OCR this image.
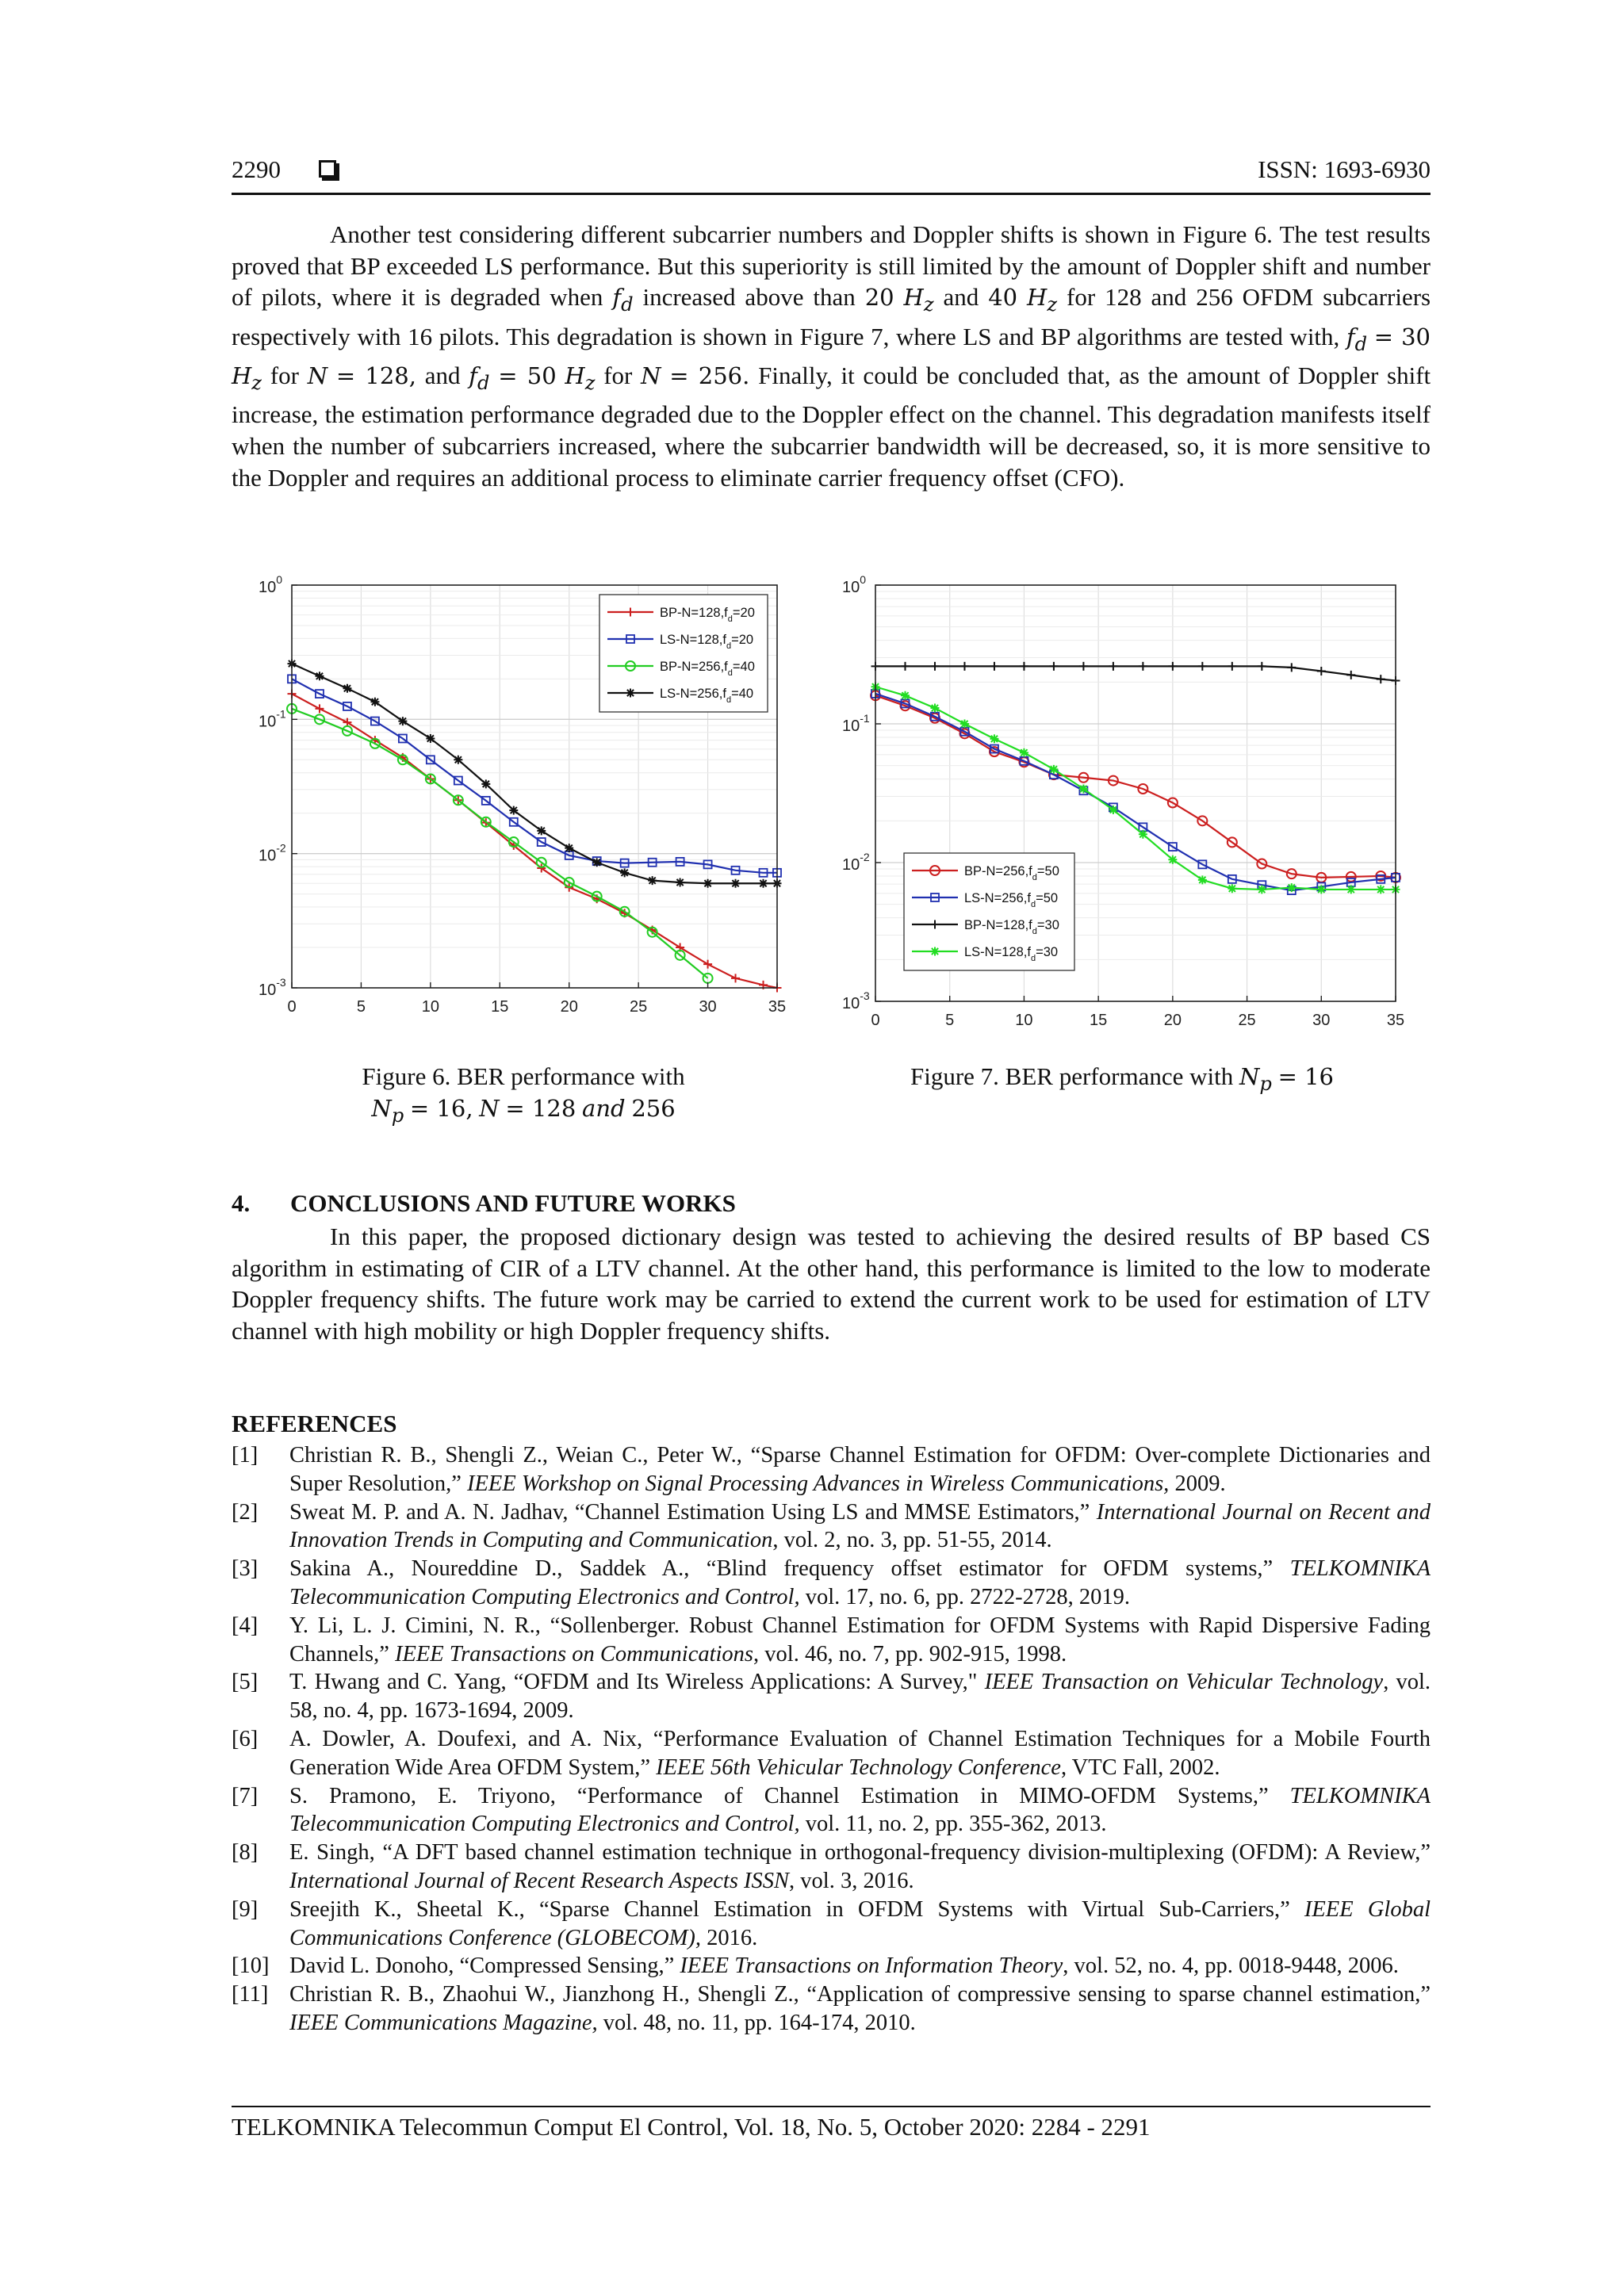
2290	ISSN: 1693-6930

Another test considering different subcarrier numbers and Doppler shifts is shown in Figure 6. The test results proved that BP exceeded LS performance. But this superiority is still limited by the amount of Doppler shift and number of pilots, where it is degraded when $f_d$ increased above than 20 $H_z$ and 40 $H_z$ for 128 and 256 OFDM subcarriers respectively with 16 pilots. This degradation is shown in Figure 7, where LS and BP algorithms are tested with, $f_d = 30$ $H_z$ for N = 128, and $f_d = 50$ $H_z$ for N = 256. Finally, it could be concluded that, as the amount of Doppler shift increase, the estimation performance degraded due to the Doppler effect on the channel. This degradation manifests itself when the number of subcarriers increased, where the subcarrier bandwidth will be decreased, so, it is more sensitive to the Doppler and requires an additional process to eliminate carrier frequency offset (CFO).

0	5	10	15	20	25	30	35
$10^0$
$10^{-1}$
$10^{-2}$
$10^{-3}$
$BP-N=128,f_d=20$
$LS-N=128,f_d=20$
$BP-N=256,f_d=40$
$LS-N=256,f_d=40$
0	5	10	15	20	25	30	35
$10^0$
$10^{-1}$
$10^{-2}$
$10^{-3}$
$BP-N=256,f_d=50$
$LS-N=256,f_d=50$
$BP-N=128,f_d=30$
$LS-N=128,f_d=30$
Figure 6. BER performance with
$N_p = 16$, N = 128 and 256
Figure 7. BER performance with $N_p = 16$
4. CONCLUSIONS AND FUTURE WORKS

In this paper, the proposed dictionary design was tested to achieving the desired results of BP based CS algorithm in estimating of CIR of a LTV channel. At the other hand, this performance is limited to the low to moderate Doppler frequency shifts. The future work may be carried to extend the current work to be used for estimation of LTV channel with high mobility or high Doppler frequency shifts.

REFERENCES
[1] Christian R. B., Shengli Z., Weian C., Peter W., “Sparse Channel Estimation for OFDM: Over-complete Dictionaries and Super Resolution,” IEEE Workshop on Signal Processing Advances in Wireless Communications, 2009.
[2] Sweat M. P. and A. N. Jadhav, “Channel Estimation Using LS and MMSE Estimators,” International Journal on Recent and Innovation Trends in Computing and Communication, vol. 2, no. 3, pp. 51-55, 2014.
[3] Sakina A., Noureddine D., Saddek A., “Blind frequency offset estimator for OFDM systems,” TELKOMNIKA Telecommunication Computing Electronics and Control, vol. 17, no. 6, pp. 2722-2728, 2019.
[4] Y. Li, L. J. Cimini, N. R., “Sollenberger. Robust Channel Estimation for OFDM Systems with Rapid Dispersive Fading Channels,” IEEE Transactions on Communications, vol. 46, no. 7, pp. 902-915, 1998.
[5] T. Hwang and C. Yang, “OFDM and Its Wireless Applications: A Survey," IEEE Transaction on Vehicular Technology, vol. 58, no. 4, pp. 1673-1694, 2009.
[6] A. Dowler, A. Doufexi, and A. Nix, “Performance Evaluation of Channel Estimation Techniques for a Mobile Fourth Generation Wide Area OFDM System,” IEEE 56th Vehicular Technology Conference, VTC Fall, 2002.
[7] S. Pramono, E. Triyono, “Performance of Channel Estimation in MIMO-OFDM Systems,” TELKOMNIKA Telecommunication Computing Electronics and Control, vol. 11, no. 2, pp. 355-362, 2013.
[8] E. Singh, “A DFT based channel estimation technique in orthogonal-frequency division-multiplexing (OFDM): A Review,” International Journal of Recent Research Aspects ISSN, vol. 3, 2016.
[9] Sreejith K., Sheetal K., “Sparse Channel Estimation in OFDM Systems with Virtual Sub-Carriers,” IEEE Global Communications Conference (GLOBECOM), 2016.
[10] David L. Donoho, “Compressed Sensing,” IEEE Transactions on Information Theory, vol. 52, no. 4, pp. 0018-9448, 2006.
[11] Christian R. B., Zhaohui W., Jianzhong H., Shengli Z., “Application of compressive sensing to sparse channel estimation,” IEEE Communications Magazine, vol. 48, no. 11, pp. 164-174, 2010.
TELKOMNIKA Telecommun Comput El Control, Vol. 18, No. 5, October 2020: 2284 - 2291
